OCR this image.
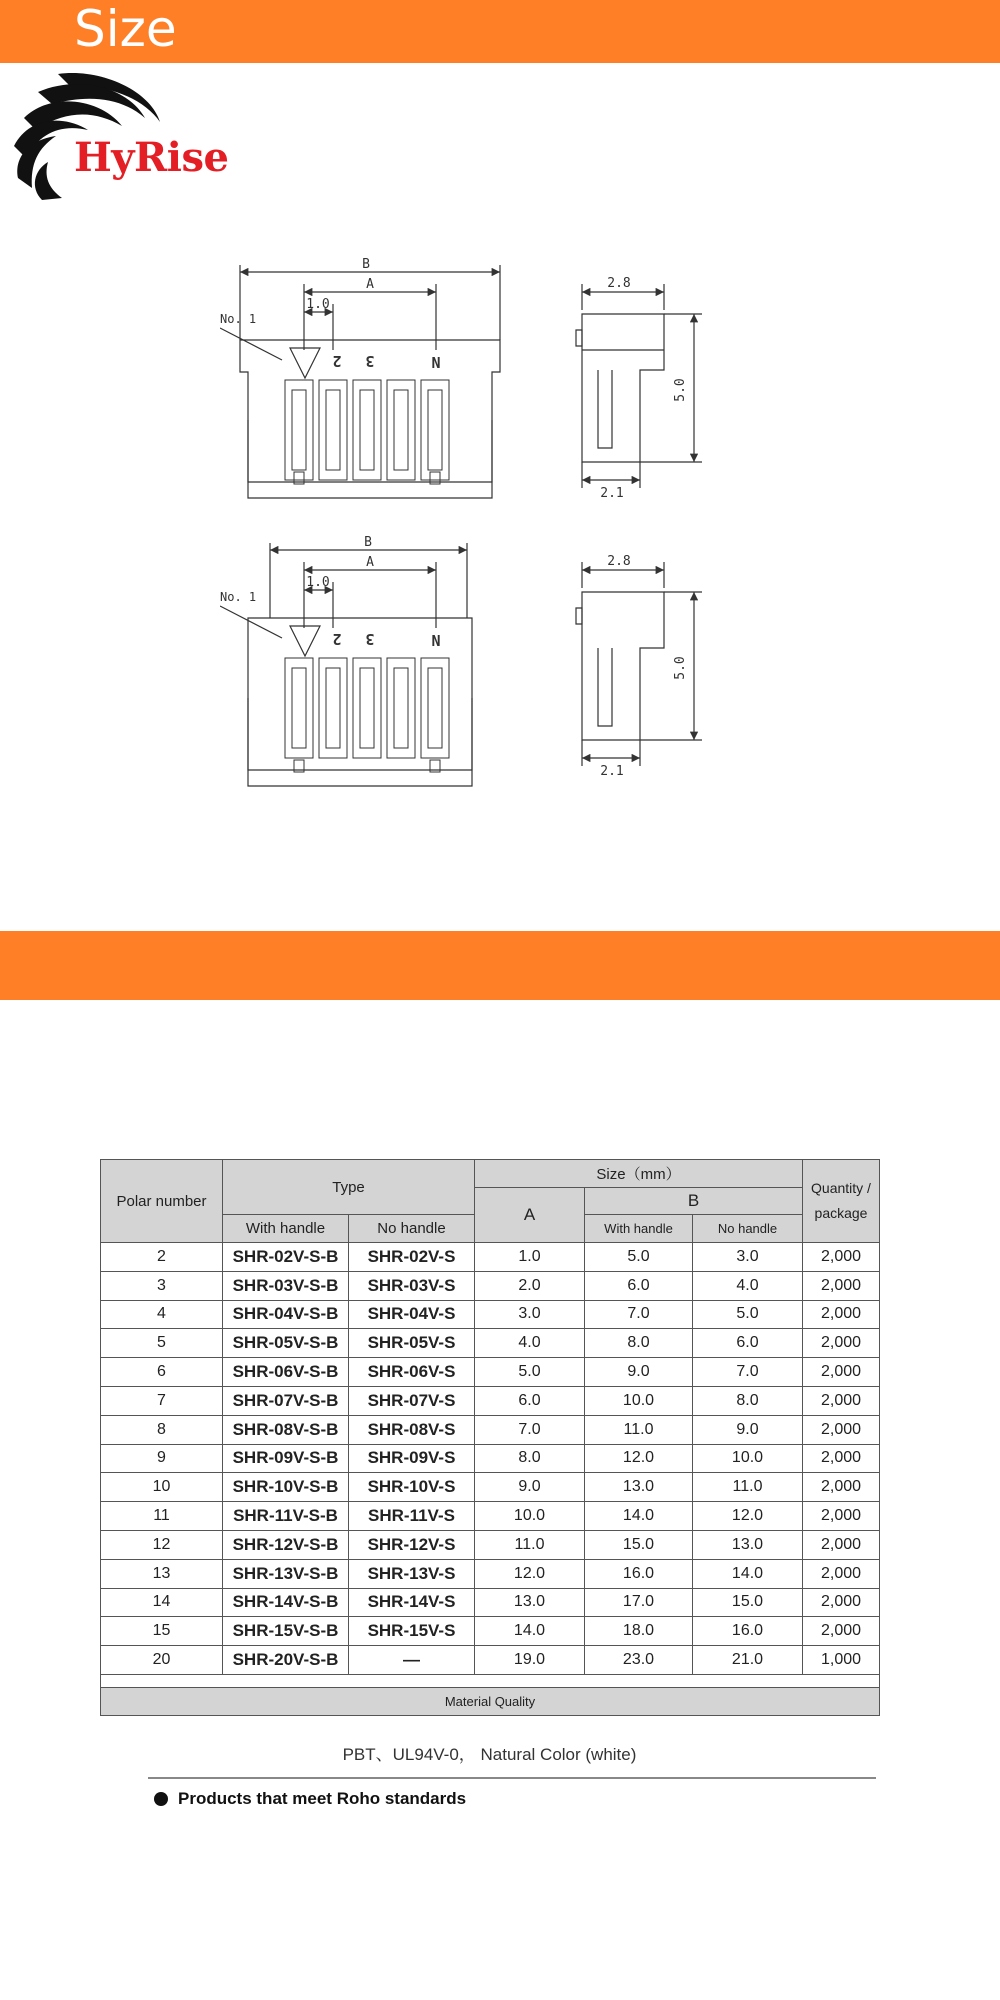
Size
HyRise
B
A
1.0
No. 1
2 3	N
2.8
5.0
2.1
B
A
1.0
No. 1
2 3	N
2.8
5.0
2.1
Polar number	Type		Size（mm）			Quantity /
package
			A	B		
	With handle	No handle		With handle	No handle	
2	SHR-02V-S-B	SHR-02V-S	1.0	5.0	3.0	2,000
3	SHR-03V-S-B	SHR-03V-S	2.0	6.0	4.0	2,000
4	SHR-04V-S-B	SHR-04V-S	3.0	7.0	5.0	2,000
5	SHR-05V-S-B	SHR-05V-S	4.0	8.0	6.0	2,000
6	SHR-06V-S-B	SHR-06V-S	5.0	9.0	7.0	2,000
7	SHR-07V-S-B	SHR-07V-S	6.0	10.0	8.0	2,000
8	SHR-08V-S-B	SHR-08V-S	7.0	11.0	9.0	2,000
9	SHR-09V-S-B	SHR-09V-S	8.0	12.0	10.0	2,000
10	SHR-10V-S-B	SHR-10V-S	9.0	13.0	11.0	2,000
11	SHR-11V-S-B	SHR-11V-S	10.0	14.0	12.0	2,000
12	SHR-12V-S-B	SHR-12V-S	11.0	15.0	13.0	2,000
13	SHR-13V-S-B	SHR-13V-S	12.0	16.0	14.0	2,000
14	SHR-14V-S-B	SHR-14V-S	13.0	17.0	15.0	2,000
15	SHR-15V-S-B	SHR-15V-S	14.0	18.0	16.0	2,000
20	SHR-20V-S-B	—	19.0	23.0	21.0	1,000

Material Quality						

PBT、UL94V-0， Natural Color (white)

Products that meet Roho standards
